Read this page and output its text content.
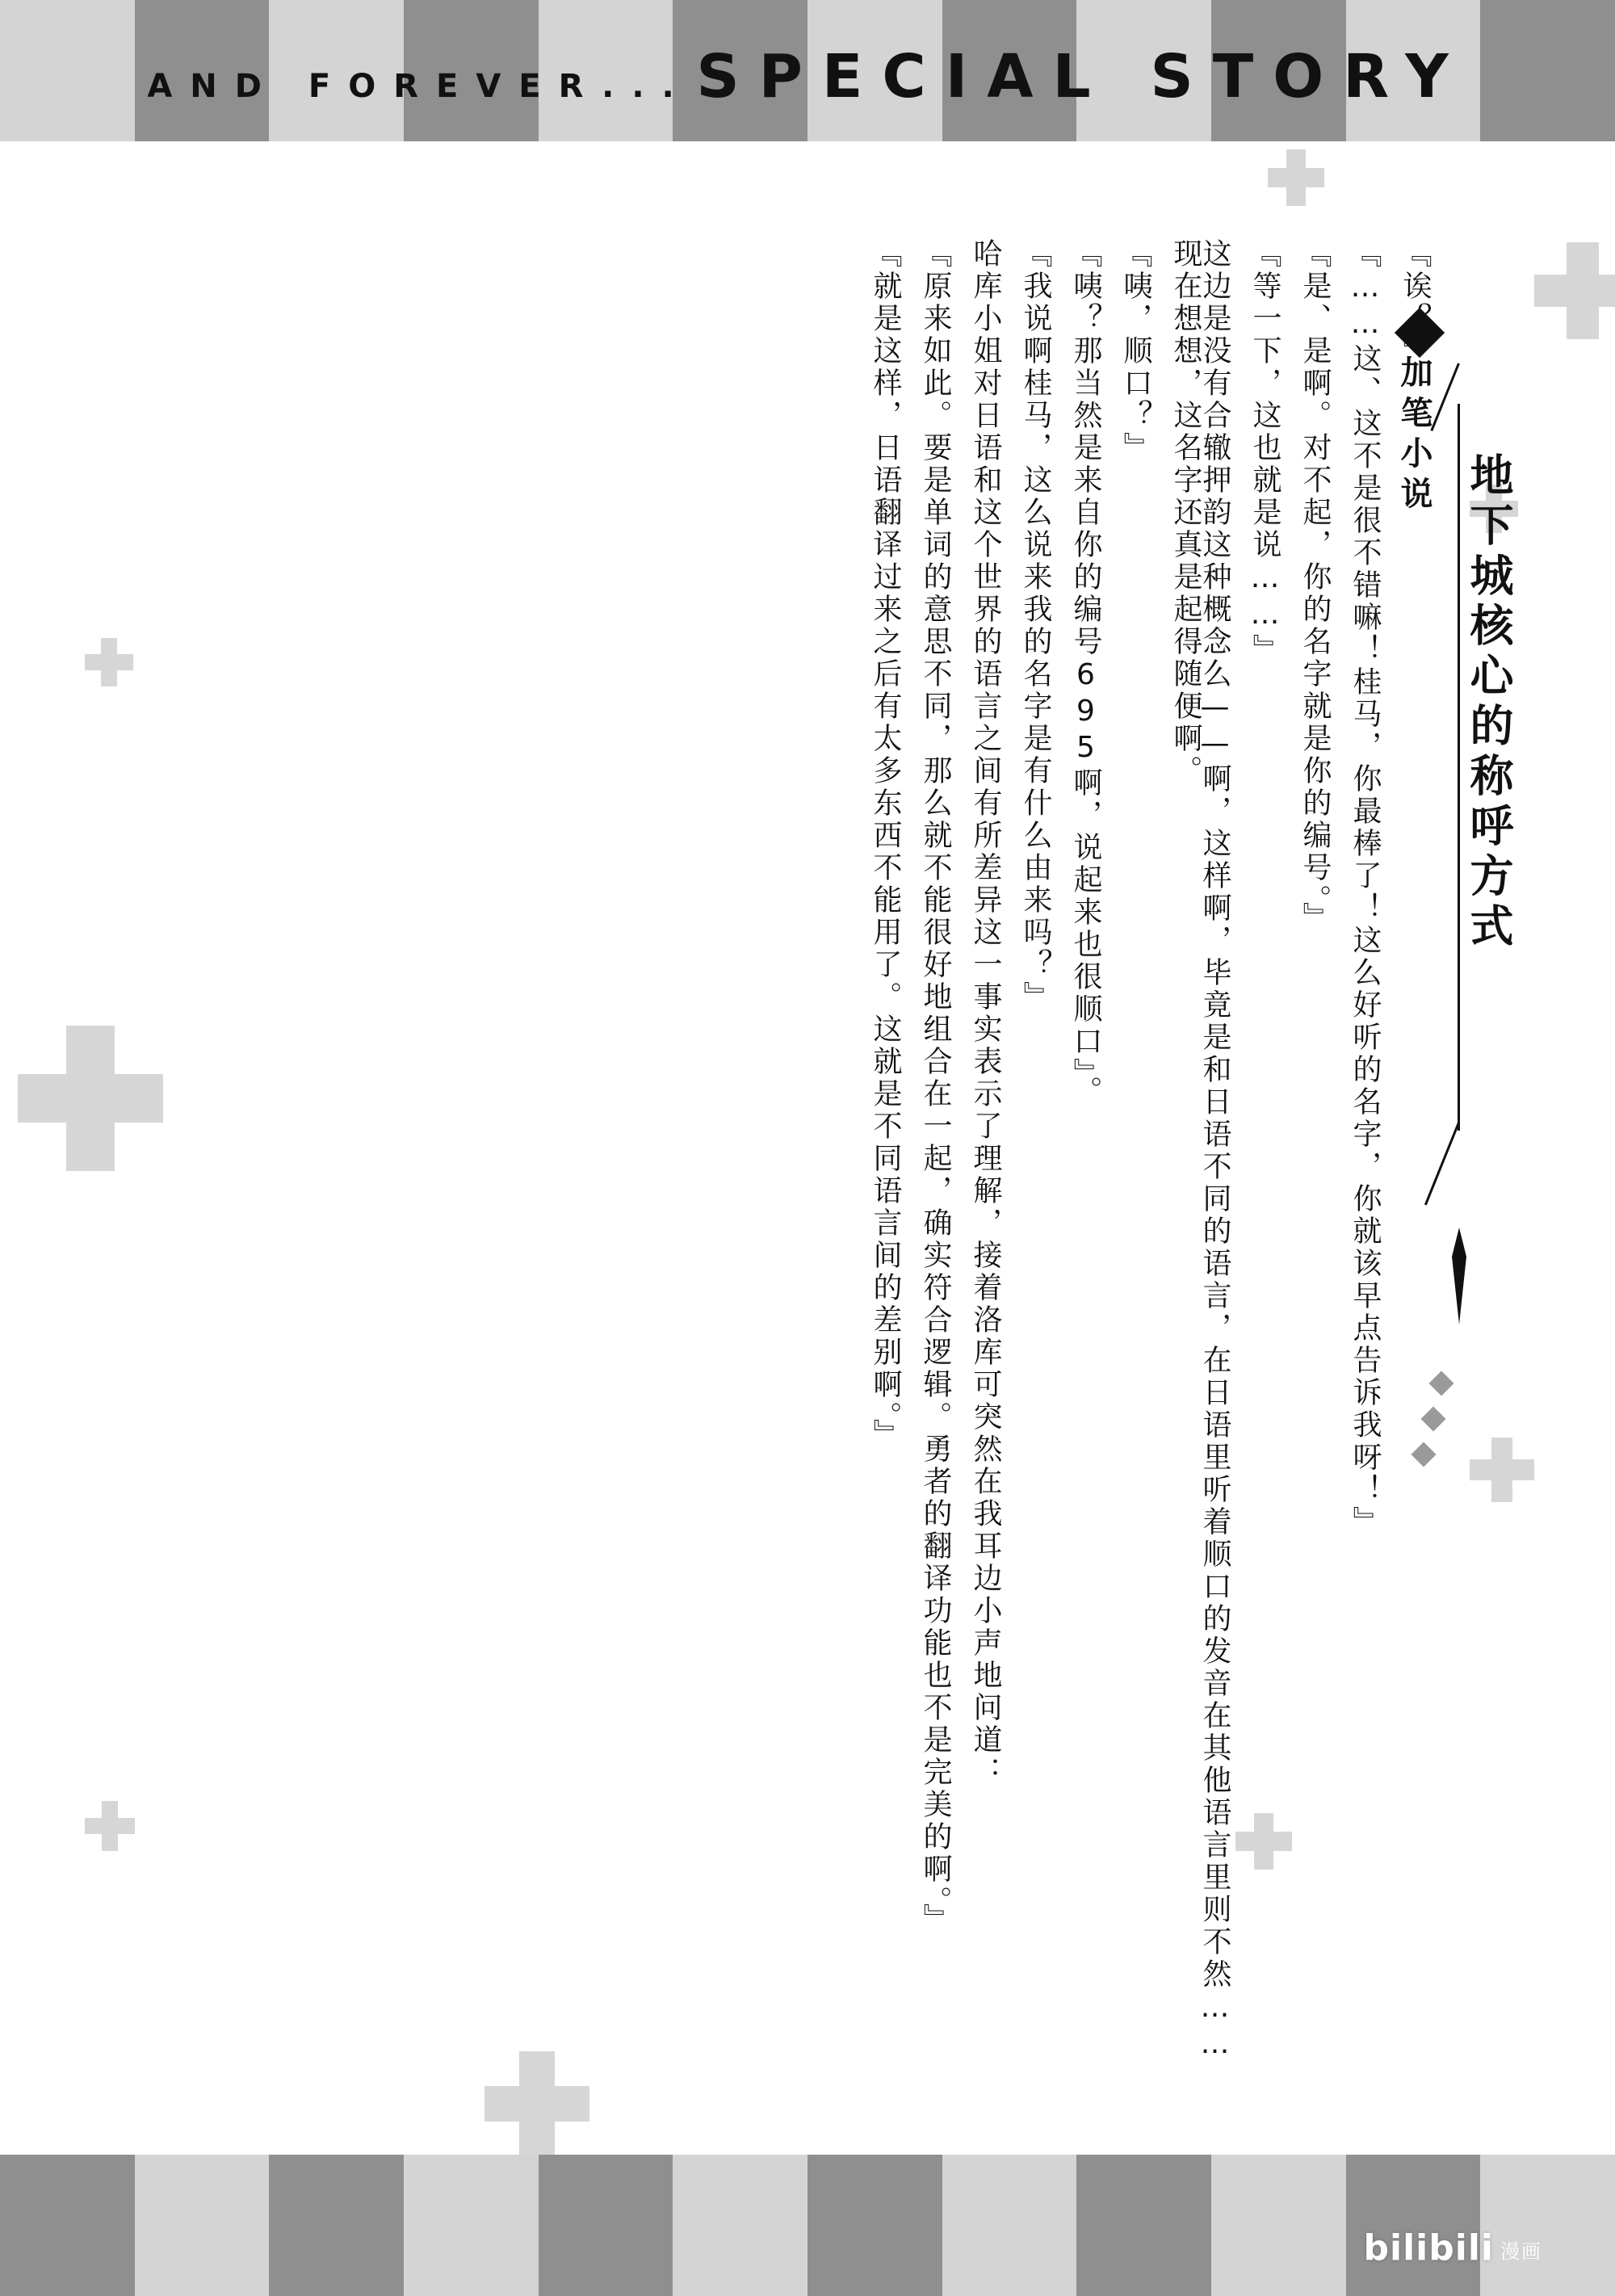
AND FOREVER... SPECIAL STORY
加笔小说
地下城核心的称呼方式
『就是这样，日语翻译过来之后有太多东西不能用了。这就是不同语言间的差别啊。』 『原来如此。要是单词的意思不同，那么就不能很好地组合在一起，确实符合逻辑。勇者的翻译功能也不是完美的啊。』 哈库小姐对日语和这个世界的语言之间有所差异这一事实表示了理解，接着洛库可突然在我耳边小声地问道： 『我说啊桂马，这么说来我的名字是有什么由来吗？』 『咦？那当然是来自你的编号695啊，说起来也很顺口』。 『咦，顺口？』	这边是没有合辙押韵这种概念么——啊，这样啊，毕竟是和日语不同的语言，在日语里听着顺口的发音在其他语言里则不然……现在想想，这名字还真是起得随便啊。	『等一下，这也就是说……』 『是、是啊。对不起，你的名字就是你的编号。』 『……这、这不是很不错嘛！桂马，你最棒了！这么好听的名字，你就该早点告诉我呀！』 『诶？』
bilibili 漫画
